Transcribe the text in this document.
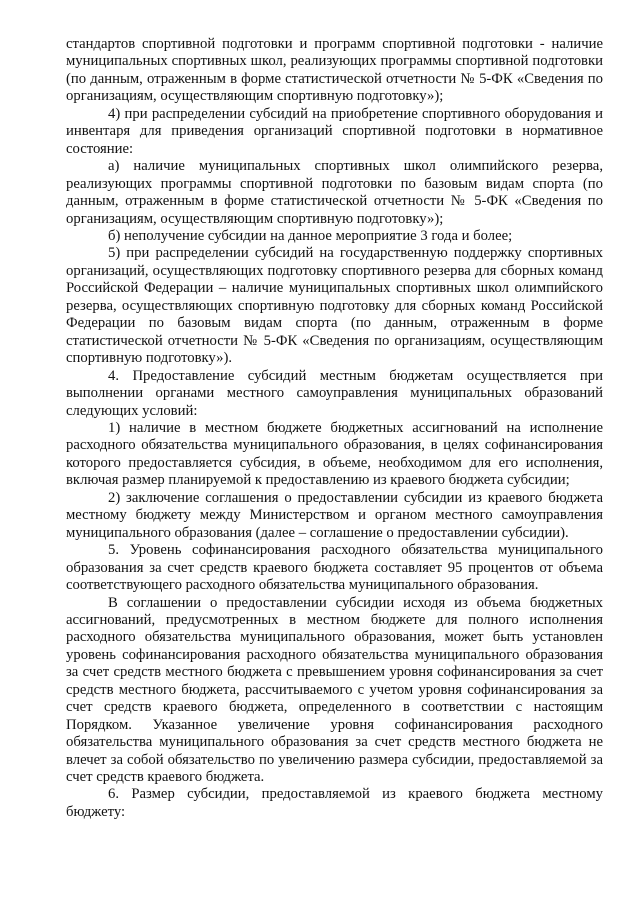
стандартов спортивной подготовки и программ спортивной подготовки - наличие муниципальных спортивных школ, реализующих программы спортивной подготовки (по данным, отраженным в форме статистической отчетности № 5-ФК «Сведения по организациям, осуществляющим спортивную подготовку»);

4) при распределении субсидий на приобретение спортивного оборудования и инвентаря для приведения организаций спортивной подготовки в нормативное состояние:

а) наличие муниципальных спортивных школ олимпийского резерва, реализующих программы спортивной подготовки по базовым видам спорта (по данным, отраженным в форме статистической отчетности № 5-ФК «Сведения по организациям, осуществляющим спортивную подготовку»);

б) неполучение субсидии на данное мероприятие 3 года и более;

5) при распределении субсидий на государственную поддержку спортивных организаций, осуществляющих подготовку спортивного резерва для сборных команд Российской Федерации – наличие муниципальных спортивных школ олимпийского резерва, осуществляющих спортивную подготовку для сборных команд Российской Федерации по базовым видам спорта (по данным, отраженным в форме статистической отчетности № 5-ФК «Сведения по организациям, осуществляющим спортивную подготовку»).

4. Предоставление субсидий местным бюджетам осуществляется при выполнении органами местного самоуправления муниципальных образований следующих условий:

1) наличие в местном бюджете бюджетных ассигнований на исполнение расходного обязательства муниципального образования, в целях софинансирования которого предоставляется субсидия, в объеме, необходимом для его исполнения, включая размер планируемой к предоставлению из краевого бюджета субсидии;

2) заключение соглашения о предоставлении субсидии из краевого бюджета местному бюджету между Министерством и органом местного самоуправления муниципального образования (далее – соглашение о предоставлении субсидии).

5. Уровень софинансирования расходного обязательства муниципального образования за счет средств краевого бюджета составляет 95 процентов от объема соответствующего расходного обязательства муниципального образования.

В соглашении о предоставлении субсидии исходя из объема бюджетных ассигнований, предусмотренных в местном бюджете для полного исполнения расходного обязательства муниципального образования, может быть установлен уровень софинансирования расходного обязательства муниципального образования за счет средств местного бюджета с превышением уровня софинансирования за счет средств местного бюджета, рассчитываемого с учетом уровня софинансирования за счет средств краевого бюджета, определенного в соответствии с настоящим Порядком. Указанное увеличение уровня софинансирования расходного обязательства муниципального образования за счет средств местного бюджета не влечет за собой обязательство по увеличению размера субсидии, предоставляемой за счет средств краевого бюджета.

6. Размер субсидии, предоставляемой из краевого бюджета местному бюджету:
